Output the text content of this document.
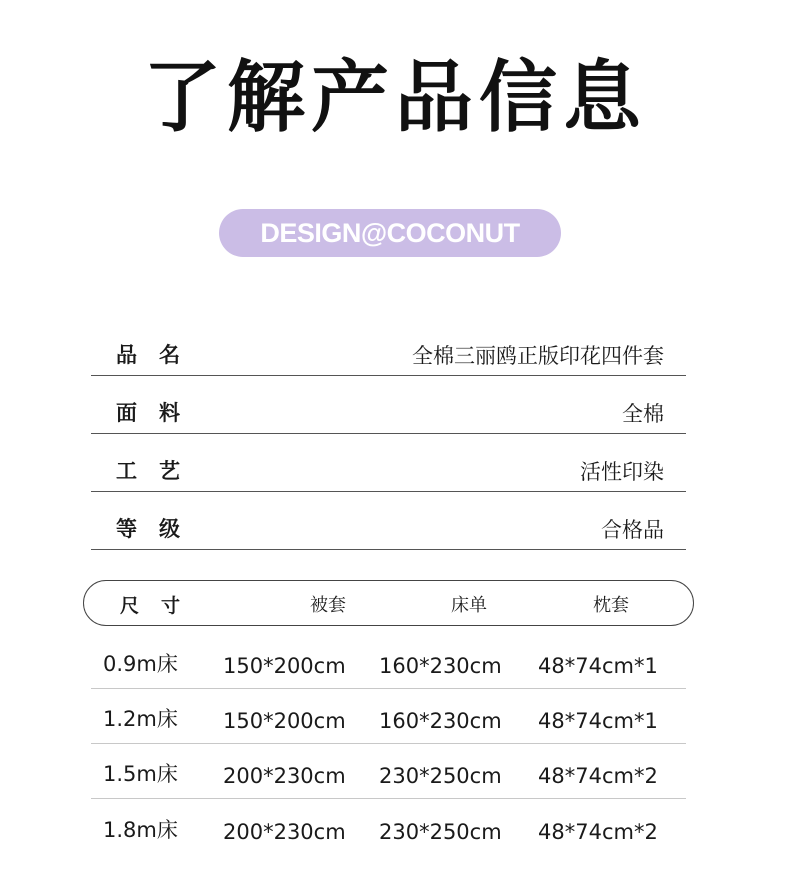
了解产品信息
DESIGN@COCONUT
品名	全棉三丽鸥正版印花四件套
面料	全棉
工艺	活性印染
等级	合格品
尺寸	被套	床单	枕套
0.9m床 150*200cm 160*230cm 48*74cm*1
1.2m床 150*200cm 160*230cm 48*74cm*1
1.5m床 200*230cm 230*250cm 48*74cm*2
1.8m床 200*230cm 230*250cm 48*74cm*2
